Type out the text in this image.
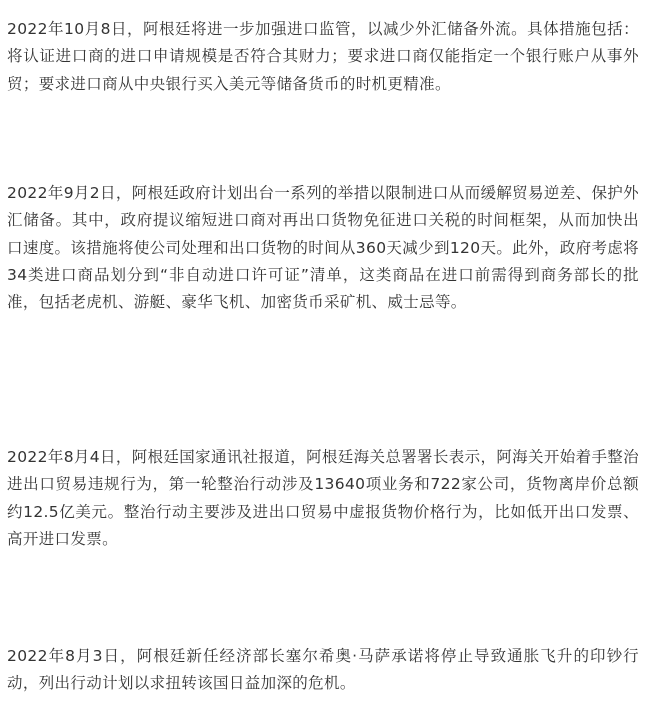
2022年10月8日，阿根廷将进一步加强进口监管，以减少外汇储备外流。具体措施包括：将认证进口商的进口申请规模是否符合其财力；要求进口商仅能指定一个银行账户从事外贸；要求进口商从中央银行买入美元等储备货币的时机更精准。

2022年9月2日，阿根廷政府计划出台一系列的举措以限制进口从而缓解贸易逆差、保护外汇储备。其中，政府提议缩短进口商对再出口货物免征进口关税的时间框架，从而加快出口速度。该措施将使公司处理和出口货物的时间从360天减少到120天。此外，政府考虑将34类进口商品划分到“非自动进口许可证”清单，这类商品在进口前需得到商务部长的批准，包括老虎机、游艇、豪华飞机、加密货币采矿机、威士忌等。

2022年8月4日，阿根廷国家通讯社报道，阿根廷海关总署署长表示，阿海关开始着手整治进出口贸易违规行为，第一轮整治行动涉及13640项业务和722家公司，货物离岸价总额约12.5亿美元。整治行动主要涉及进出口贸易中虚报货物价格行为，比如低开出口发票、高开进口发票。

2022年8月3日，阿根廷新任经济部长塞尔希奥·马萨承诺将停止导致通胀飞升的印钞行动，列出行动计划以求扭转该国日益加深的危机。
